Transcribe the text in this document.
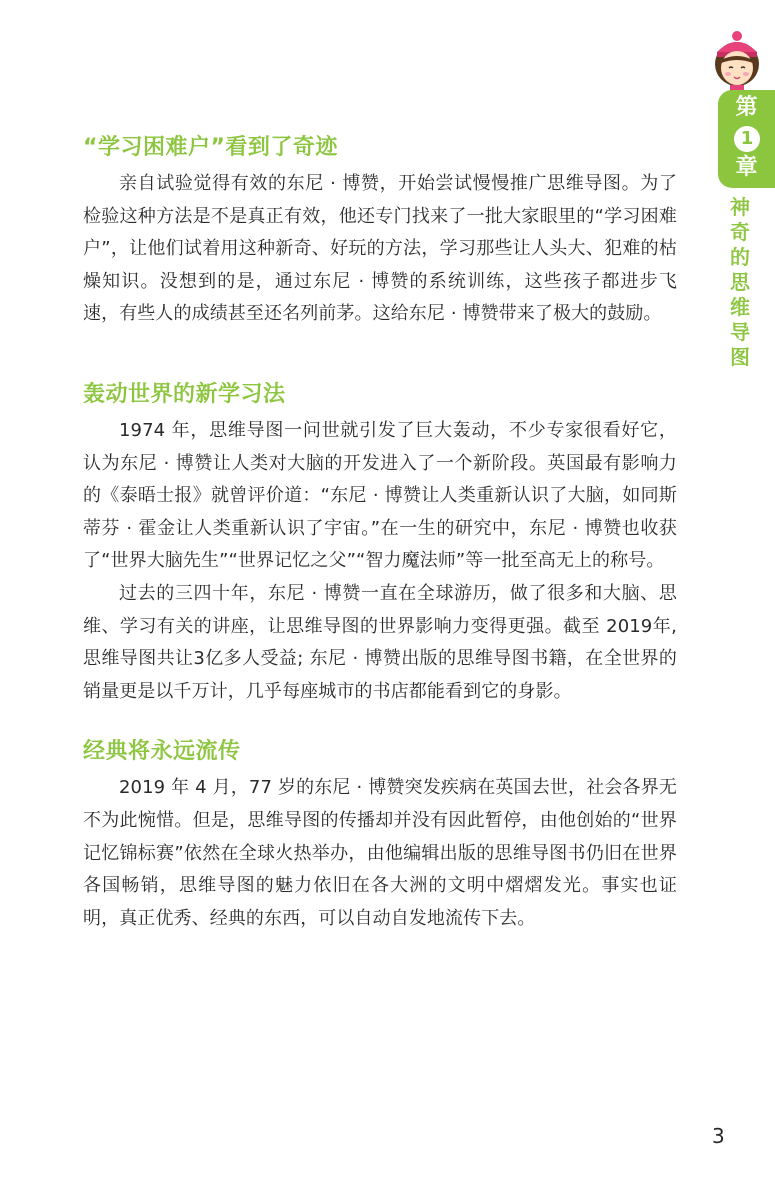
第
1
章
神奇的思维导图
“学习困难户”看到了奇迹

亲自试验觉得有效的东尼 · 博赞，开始尝试慢慢推广思维导图。为了检验这种方法是不是真正有效，他还专门找来了一批大家眼里的“学习困难户”，让他们试着用这种新奇、好玩的方法，学习那些让人头大、犯难的枯燥知识。没想到的是，通过东尼 · 博赞的系统训练，这些孩子都进步飞速，有些人的成绩甚至还名列前茅。这给东尼 · 博赞带来了极大的鼓励。

轰动世界的新学习法

1974 年，思维导图一问世就引发了巨大轰动，不少专家很看好它，认为东尼 · 博赞让人类对大脑的开发进入了一个新阶段。英国最有影响力的《泰晤士报》就曾评价道：“东尼 · 博赞让人类重新认识了大脑，如同斯蒂芬 · 霍金让人类重新认识了宇宙。”在一生的研究中，东尼 · 博赞也收获了“世界大脑先生”“世界记忆之父”“智力魔法师”等一批至高无上的称号。

过去的三四十年，东尼 · 博赞一直在全球游历，做了很多和大脑、思维、学习有关的讲座，让思维导图的世界影响力变得更强。截至 2019年,思维导图共让3亿多人受益; 东尼 · 博赞出版的思维导图书籍，在全世界的销量更是以千万计，几乎每座城市的书店都能看到它的身影。

经典将永远流传

2019 年 4 月，77 岁的东尼 · 博赞突发疾病在英国去世，社会各界无不为此惋惜。但是，思维导图的传播却并没有因此暂停，由他创始的“世界记忆锦标赛”依然在全球火热举办，由他编辑出版的思维导图书仍旧在世界各国畅销，思维导图的魅力依旧在各大洲的文明中熠熠发光。事实也证明，真正优秀、经典的东西，可以自动自发地流传下去。

3
